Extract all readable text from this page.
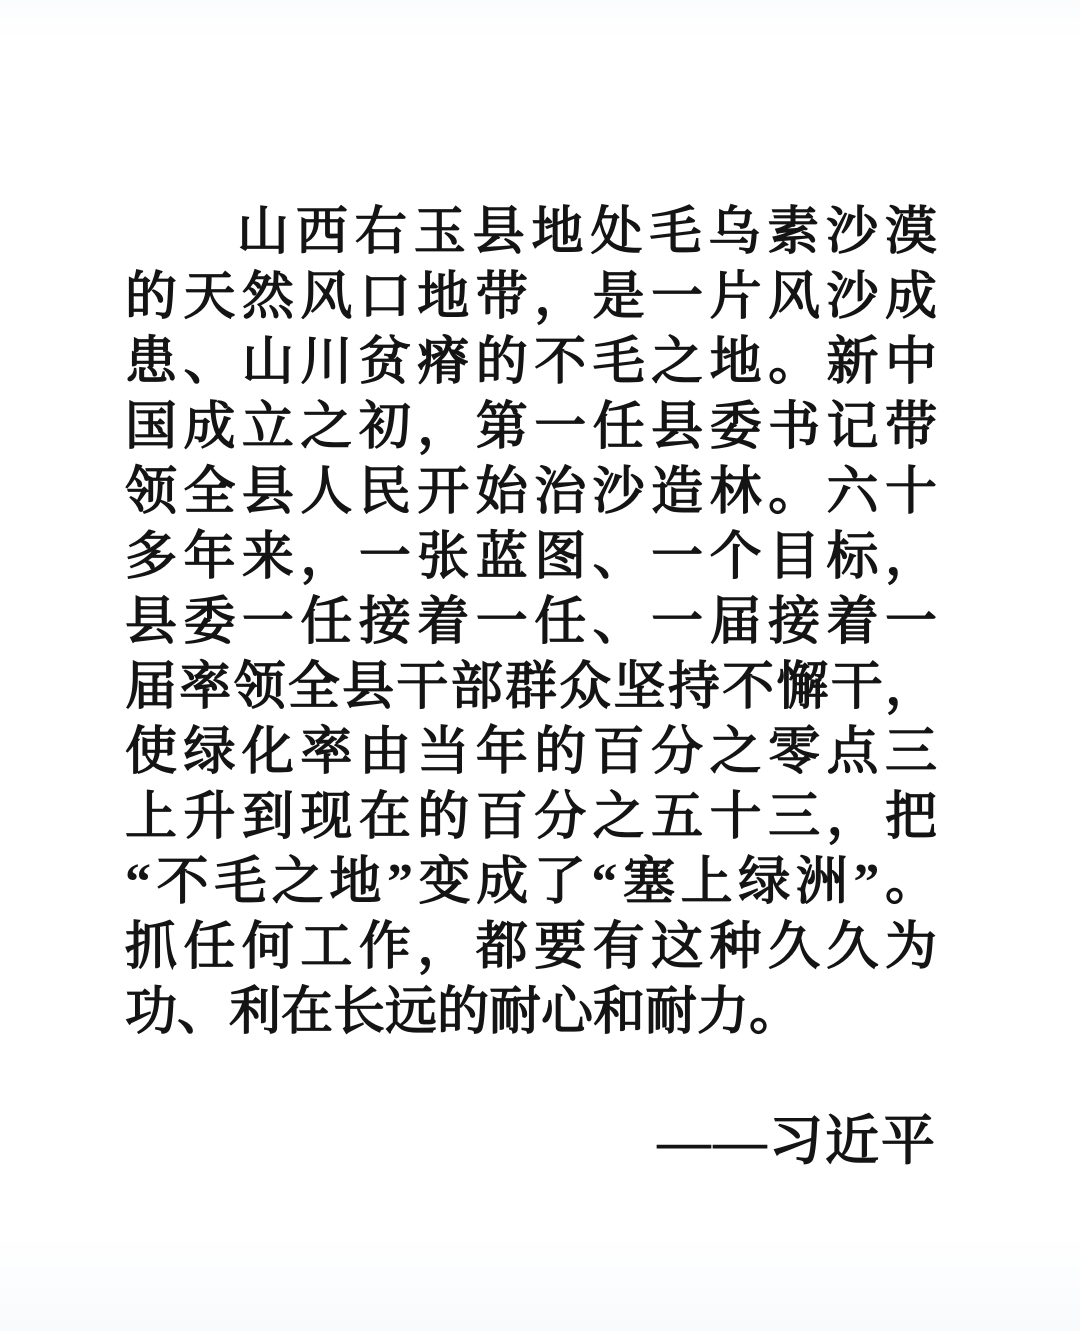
山西右玉县地处毛乌素沙漠
的天然风口地带，是一片风沙成
患、山川贫瘠的不毛之地。新中
国成立之初，第一任县委书记带
领全县人民开始治沙造林。六十
多年来，一张蓝图、一个目标，
县委一任接着一任、一届接着一
届率领全县干部群众坚持不懈干，
使绿化率由当年的百分之零点三
上升到现在的百分之五十三，把
“不毛之地”变成了“塞上绿洲”。
抓任何工作，都要有这种久久为
功、利在长远的耐心和耐力。
——习近平
